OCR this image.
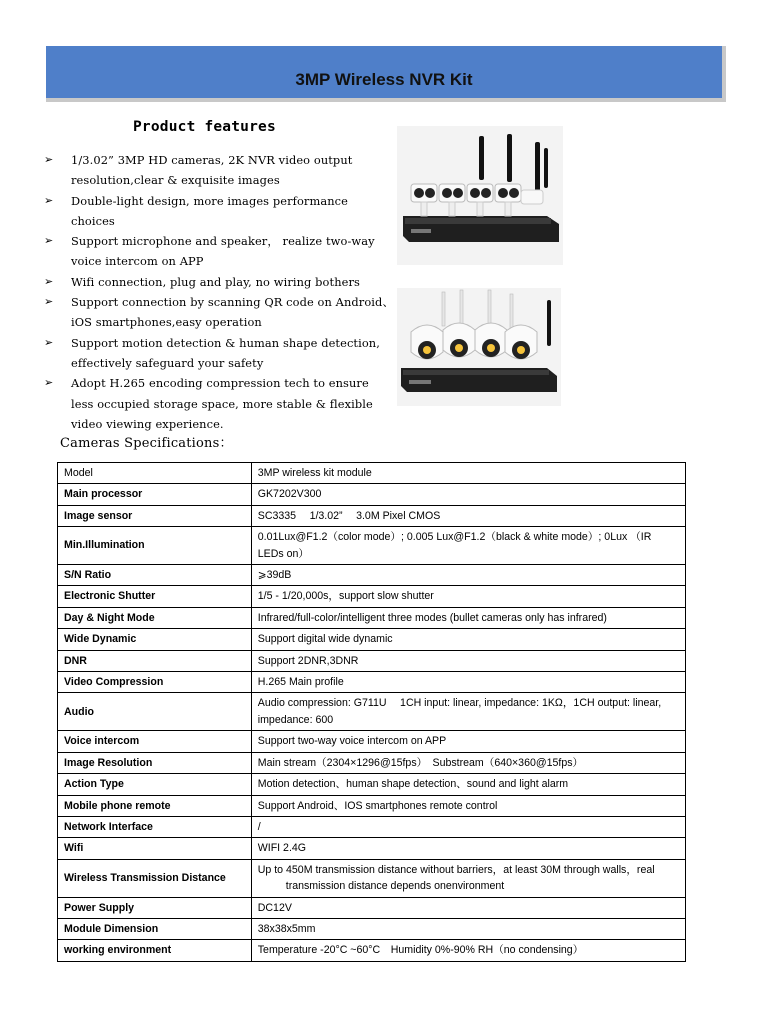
3MP Wireless NVR Kit
Product features
➢ 1/3.02” 3MP HD cameras, 2K NVR video output resolution,clear & exquisite images
➢ Double-light design, more images performance choices
➢ Support microphone and speaker， realize two-way voice intercom on APP
➢ Wifi connection, plug and play, no wiring bothers
➢ Support connection by scanning QR code on Android、iOS smartphones,easy operation
➢ Support motion detection & human shape detection, effectively safeguard your safety
➢ Adopt H.265 encoding compression tech to ensure less occupied storage space, more stable & flexible video viewing experience.
Cameras Specifications：
Model	3MP wireless kit module
Main processor	GK7202V300
Image sensor	SC3335　 1/3.02”　 3.0M Pixel CMOS
Min.Illumination	0.01Lux@F1.2（color mode）; 0.005 Lux@F1.2（black & white mode）; 0Lux （IR LEDs on）
S/N Ratio	⩾39dB
Electronic Shutter	1/5 - 1/20,000s，support slow shutter
Day & Night Mode	Infrared/full-color/intelligent three modes (bullet cameras only has infrared)
Wide Dynamic	Support digital wide dynamic
DNR	Support 2DNR,3DNR
Video Compression	H.265 Main profile
Audio	Audio compression: G711U　 1CH input: linear, impedance: 1KΩ，1CH output: linear, impedance: 600
Voice intercom	Support two-way voice intercom on APP
Image Resolution	Main stream（2304×1296@15fps）　Substream（640×360@15fps）
Action Type	Motion detection、human shape detection、sound and light alarm
Mobile phone remote	Support Android、IOS smartphones remote control
Network Interface	/
Wifi	WIFI 2.4G
Wireless Transmission Distance	Up to 450M transmission distance without barriers，at least 30M through walls，real
transmission distance depends onenvironment

Power Supply	DC12V
Module Dimension	38x38x5mm
working environment	Temperature -20°C ~60°C　Humidity 0%-90% RH（no condensing）
